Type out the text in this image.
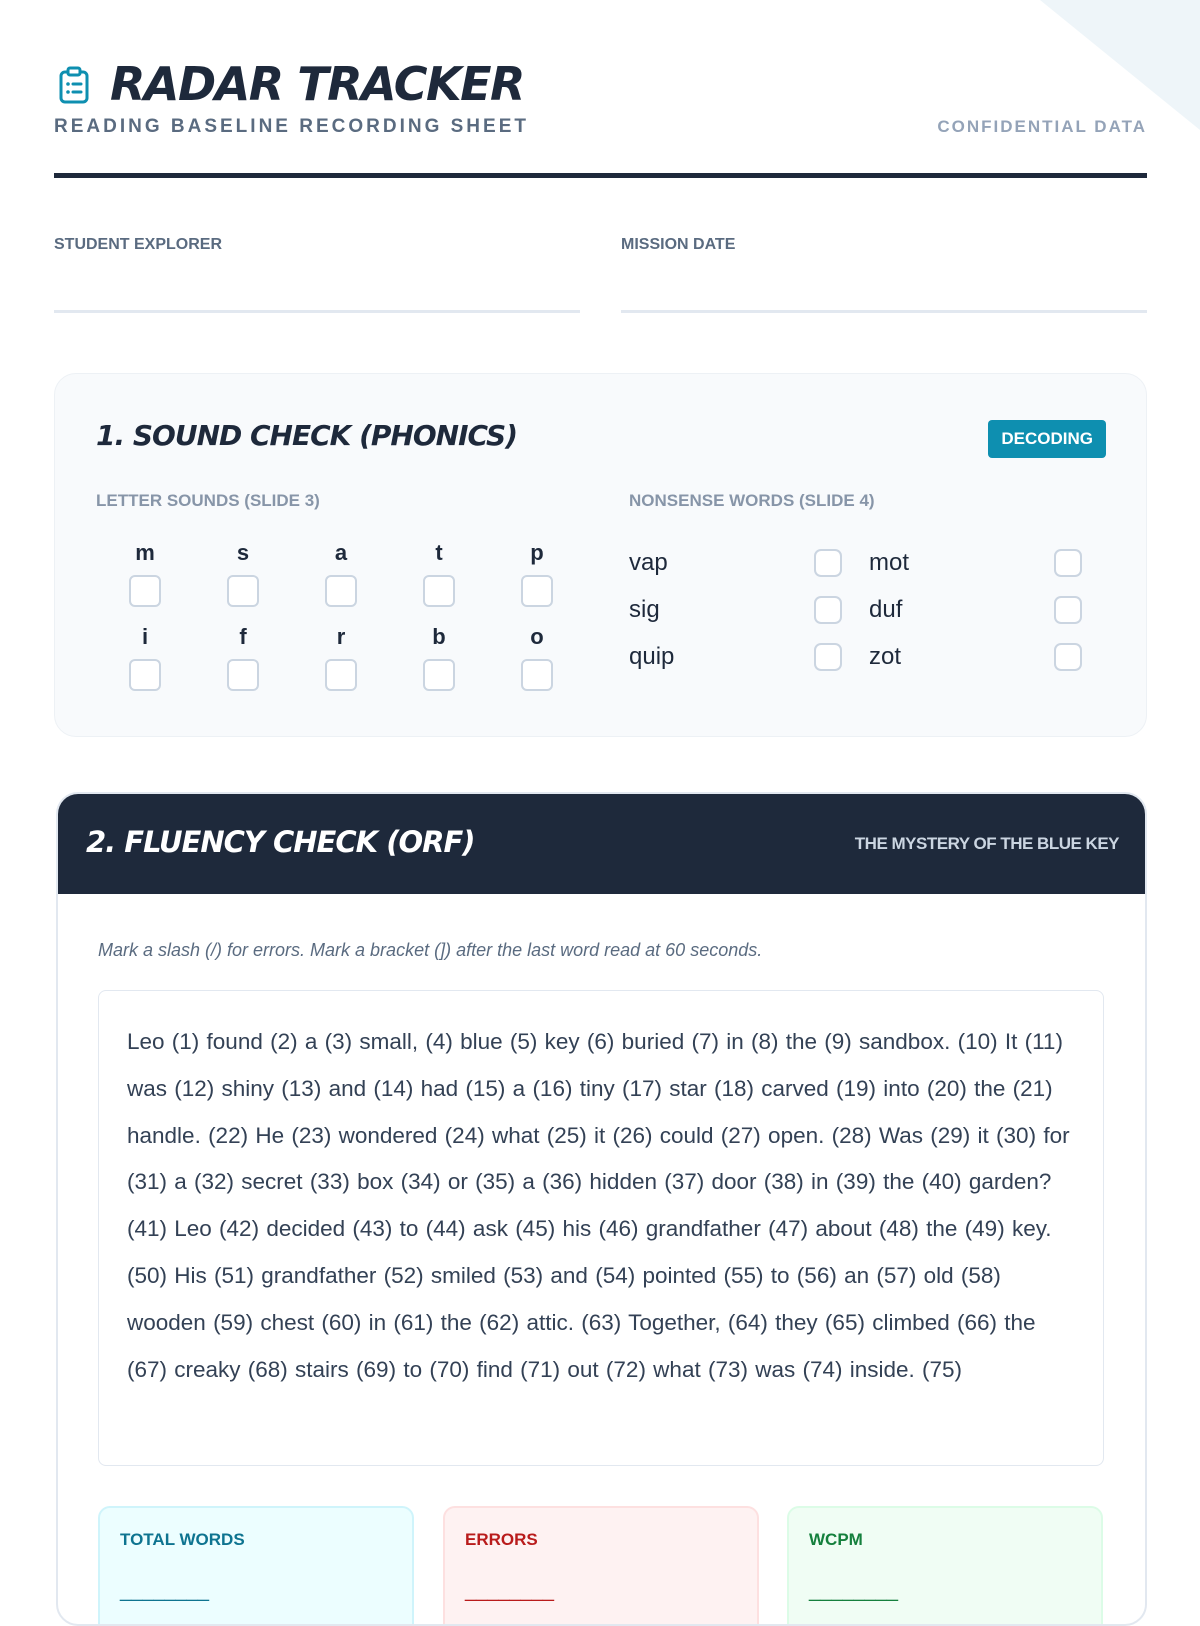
RADAR TRACKER
READING BASELINE RECORDING SHEET	CONFIDENTIAL DATA
STUDENT EXPLORER	MISSION DATE
1. SOUND CHECK (PHONICS)	DECODING
LETTER SOUNDS (SLIDE 3)	NONSENSE WORDS (SLIDE 4)
m	s	a	t	p
i	f	r	b	o
vap	mot
sig	duf
quip	zot
2. FLUENCY CHECK (ORF)	THE MYSTERY OF THE BLUE KEY
Mark a slash (/) for errors. Mark a bracket (]) after the last word read at 60 seconds.
Leo (1) found (2) a (3) small, (4) blue (5) key (6) buried (7) in (8) the (9) sandbox. (10) It (11) was (12) shiny (13) and (14) had (15) a (16) tiny (17) star (18) carved (19) into (20) the (21) handle. (22) He (23) wondered (24) what (25) it (26) could (27) open. (28) Was (29) it (30) for (31) a (32) secret (33) box (34) or (35) a (36) hidden (37) door (38) in (39) the (40) garden? (41) Leo (42) decided (43) to (44) ask (45) his (46) grandfather (47) about (48) the (49) key. (50) His (51) grandfather (52) smiled (53) and (54) pointed (55) to (56) an (57) old (58) wooden (59) chest (60) in (61) the (62) attic. (63) Together, (64) they (65) climbed (66) the (67) creaky (68) stairs (69) to (70) find (71) out (72) what (73) was (74) inside. (75)
TOTAL WORDS
________
ERRORS
________
WCPM
________
